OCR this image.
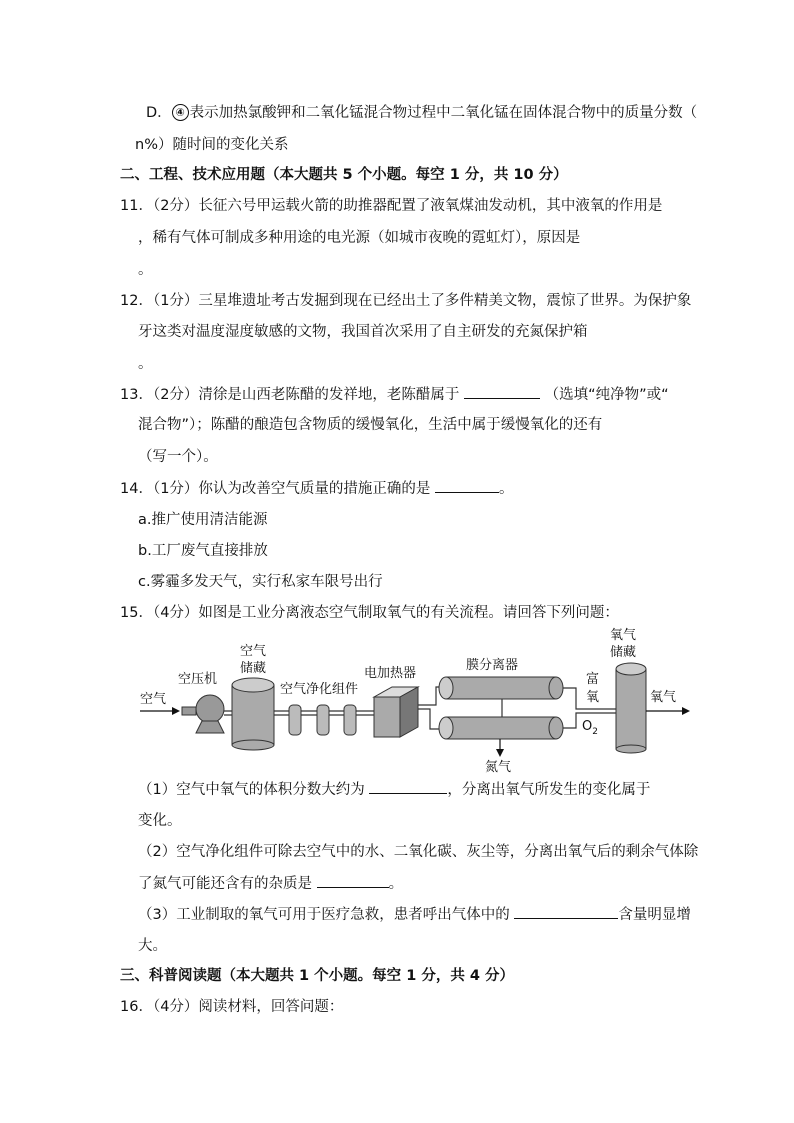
D． ④ 表示加热氯酸钾和二氧化锰混合物过程中二氧化锰在固体混合物中的质量分数（
n%）随时间的变化关系
二、工程、技术应用题（本大题共 5 个小题。每空 1 分，共 10 分）
11．（2分）长征六号甲运载火箭的助推器配置了液氧煤油发动机，其中液氧的作用是
，稀有气体可制成多种用途的电光源（如城市夜晚的霓虹灯），原因是
。
12．（1分）三星堆遗址考古发掘到现在已经出土了多件精美文物，震惊了世界。为保护象
牙这类对温度湿度敏感的文物，我国首次采用了自主研发的充氮保护箱
。
13．（2分）清徐是山西老陈醋的发祥地，老陈醋属于	（选填“纯净物”或“
混合物”）；陈醋的酿造包含物质的缓慢氧化，生活中属于缓慢氧化的还有
（写一个）。
14．（1分）你认为改善空气质量的措施正确的是	。
a.推广使用清洁能源
b.工厂废气直接排放
c.雾霾多发天气，实行私家车限号出行
15．（4分）如图是工业分离液态空气制取氧气的有关流程。请回答下列问题：
空气
空压机
空气
储藏
空气净化组件
电加热器
膜分离器
氮气
富
氧
$O_2$
氧气
储藏
氧气
（1）空气中氧气的体积分数大约为	，分离出氧气所发生的变化属于
变化。
（2）空气净化组件可除去空气中的水、二氧化碳、灰尘等，分离出氧气后的剩余气体除
了氮气可能还含有的杂质是	。
（3）工业制取的氧气可用于医疗急救，患者呼出气体中的	含量明显增
大。
三、科普阅读题（本大题共 1 个小题。每空 1 分，共 4 分）
16．（4分）阅读材料，回答问题：
